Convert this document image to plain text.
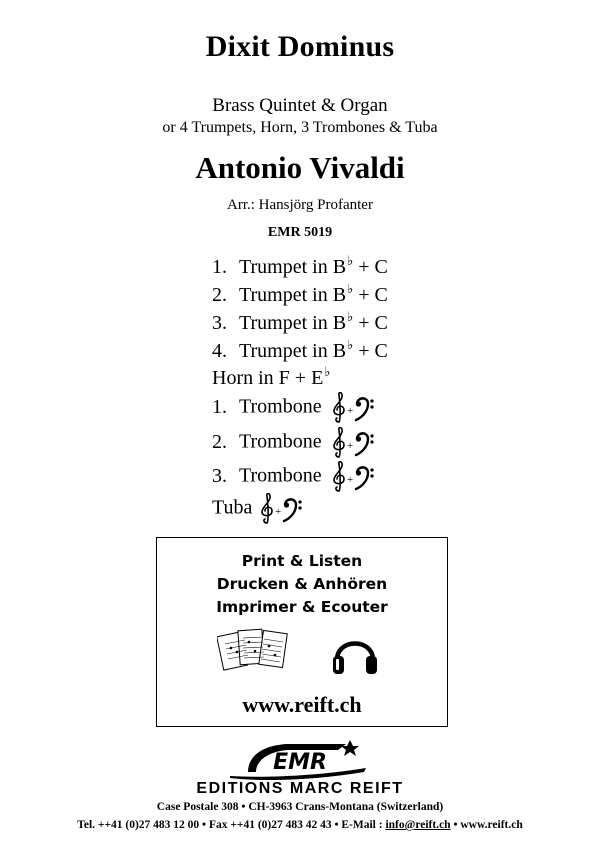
Dixit Dominus
Brass Quintet & Organ
or 4 Trumpets, Horn, 3 Trombones & Tuba
Antonio Vivaldi
Arr.: Hansjörg Profanter
EMR 5019
1. Trumpet in B♭ + C
2. Trumpet in B♭ + C
3. Trumpet in B♭ + C
4. Trumpet in B♭ + C
Horn in F + E♭
1. Trombone +
2. Trombone +
3. Trombone +
Tuba +
Print & Listen
Drucken & Anhören
Imprimer & Ecouter
www.reift.ch
EMR
EDITIONS MARC REIFT
Case Postale 308 • CH-3963 Crans-Montana (Switzerland)
Tel. ++41 (0)27 483 12 00 • Fax ++41 (0)27 483 42 43 • E-Mail : info@reift.ch • www.reift.ch
